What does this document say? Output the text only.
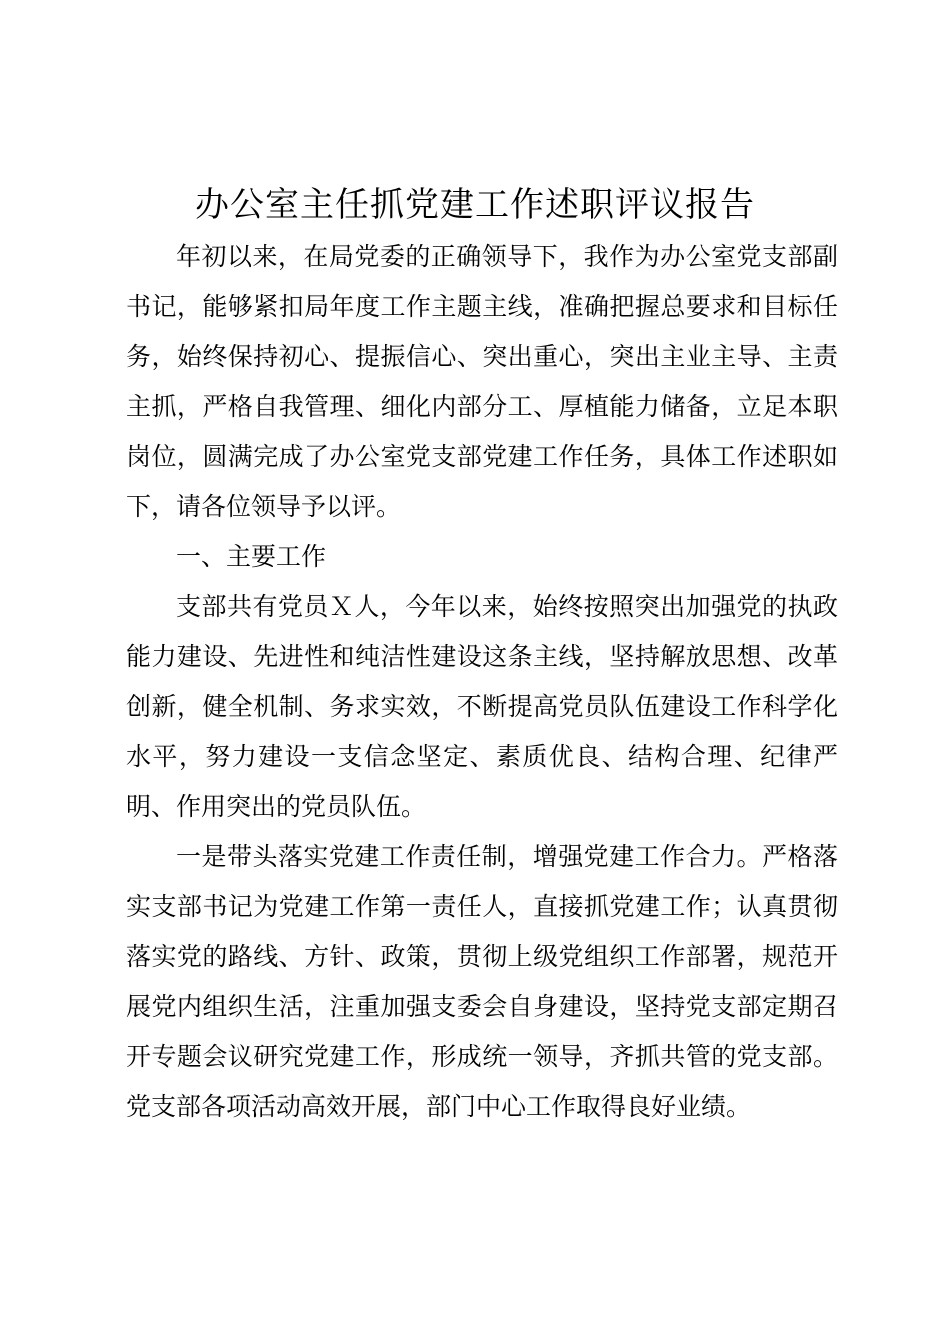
办公室主任抓党建工作述职评议报告

年初以来，在局党委的正确领导下，我作为办公室党支部副书记，能够紧扣局年度工作主题主线，准确把握总要求和目标任务，始终保持初心、提振信心、突出重心，突出主业主导、主责主抓，严格自我管理、细化内部分工、厚植能力储备，立足本职岗位，圆满完成了办公室党支部党建工作任务，具体工作述职如下，请各位领导予以评。

一、主要工作

支部共有党员Ｘ人，今年以来，始终按照突出加强党的执政能力建设、先进性和纯洁性建设这条主线，坚持解放思想、改革创新，健全机制、务求实效，不断提高党员队伍建设工作科学化水平，努力建设一支信念坚定、素质优良、结构合理、纪律严明、作用突出的党员队伍。

一是带头落实党建工作责任制，增强党建工作合力。严格落实支部书记为党建工作第一责任人，直接抓党建工作；认真贯彻落实党的路线、方针、政策，贯彻上级党组织工作部署，规范开展党内组织生活，注重加强支委会自身建设，坚持党支部定期召开专题会议研究党建工作，形成统一领导，齐抓共管的党支部。党支部各项活动高效开展，部门中心工作取得良好业绩。
